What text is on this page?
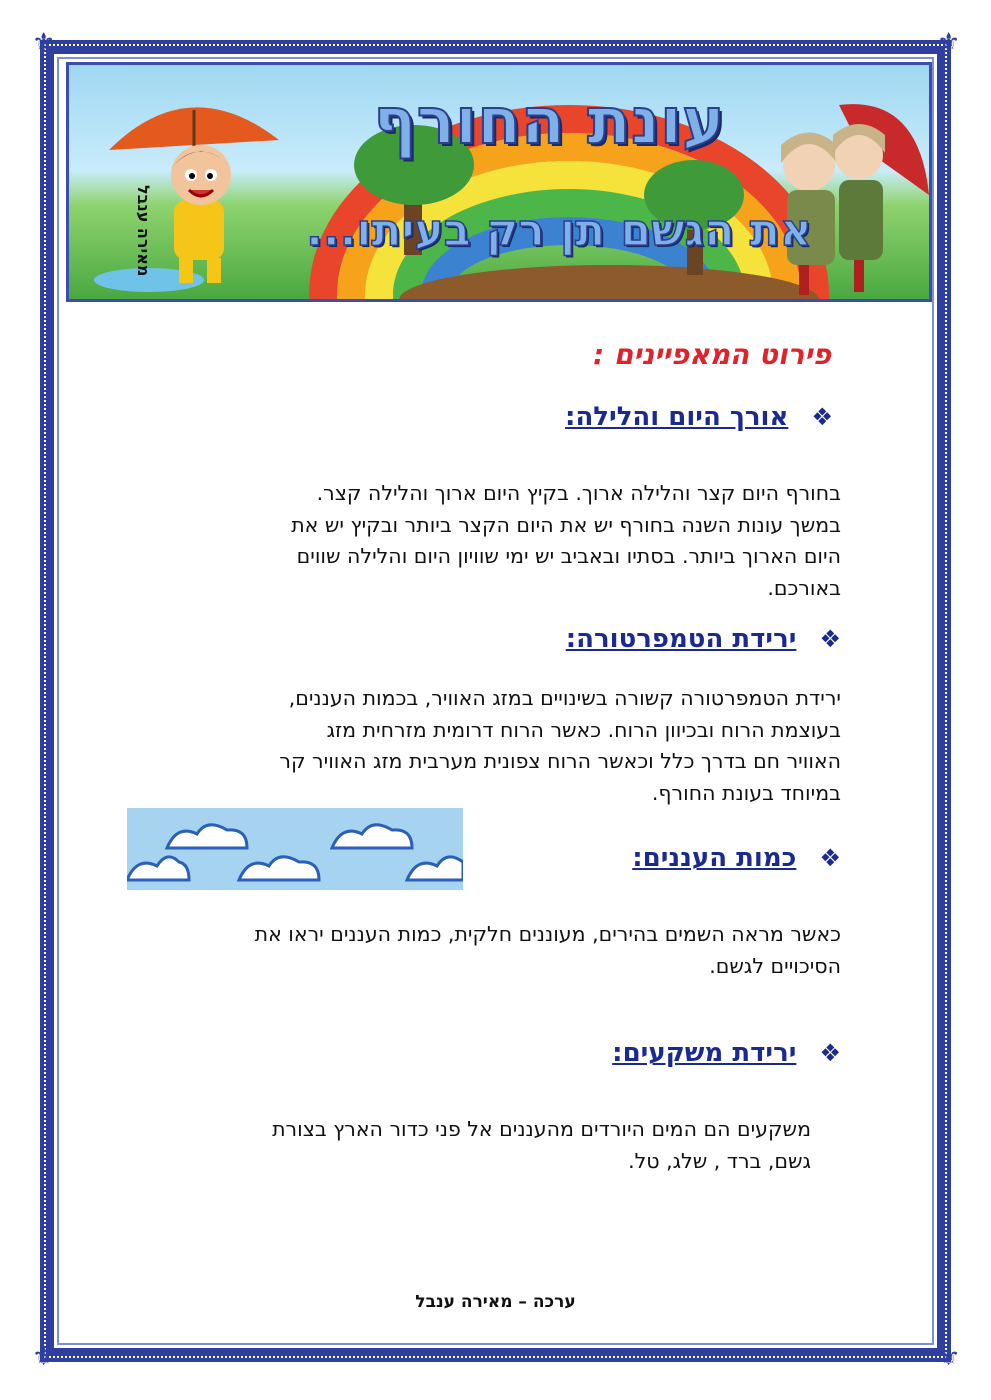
⚜	⚜
⚜	⚜
מאירה ענבל
עונת החורף
את הגשם תן רק בעיתו...
פירוט המאפיינים :
❖ אורך היום והלילה:
בחורף היום קצר והלילה ארוך. בקיץ היום ארוך והלילה קצר.
במשך עונות השנה בחורף יש את היום הקצר ביותר ובקיץ יש את
היום הארוך ביותר. בסתיו ובאביב יש ימי שוויון היום והלילה שווים
באורכם.
❖ ירידת הטמפרטורה:
ירידת הטמפרטורה קשורה בשינויים במזג האוויר, בכמות העננים,
בעוצמת הרוח ובכיוון הרוח. כאשר הרוח דרומית מזרחית מזג
האוויר חם בדרך כלל וכאשר הרוח צפונית מערבית מזג האוויר קר
במיוחד בעונת החורף.
❖ כמות העננים:
כאשר מראה השמים בהירים, מעוננים חלקית, כמות העננים יראו את
הסיכויים לגשם.
❖ ירידת משקעים:
משקעים הם המים היורדים מהעננים אל פני כדור הארץ בצורת
גשם, ברד , שלג, טל.
ערכה – מאירה ענבל
